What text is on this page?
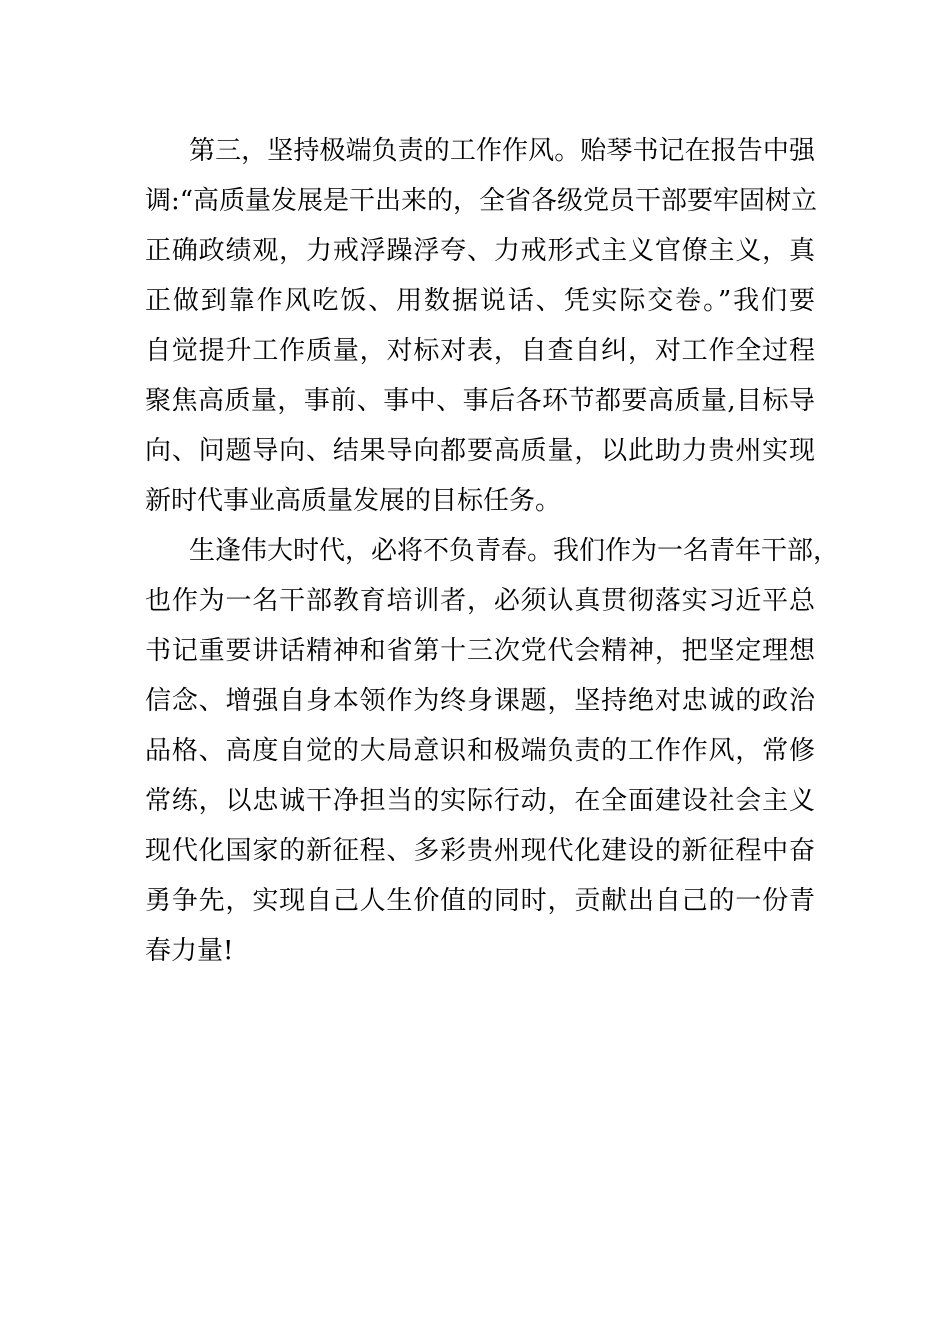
第三，坚持极端负责的工作作风。贻琴书记在报告中强
调:“高质量发展是干出来的，全省各级党员干部要牢固树立
正确政绩观，力戒浮躁浮夸、力戒形式主义官僚主义，真
正做到靠作风吃饭、用数据说话、凭实际交卷。”我们要
自觉提升工作质量，对标对表，自查自纠，对工作全过程
聚焦高质量，事前、事中、事后各环节都要高质量,目标导
向、问题导向、结果导向都要高质量，以此助力贵州实现
新时代事业高质量发展的目标任务。
生逢伟大时代，必将不负青春。我们作为一名青年干部，
也作为一名干部教育培训者，必须认真贯彻落实习近平总
书记重要讲话精神和省第十三次党代会精神，把坚定理想
信念、增强自身本领作为终身课题，坚持绝对忠诚的政治
品格、高度自觉的大局意识和极端负责的工作作风，常修
常练，以忠诚干净担当的实际行动，在全面建设社会主义
现代化国家的新征程、多彩贵州现代化建设的新征程中奋
勇争先，实现自己人生价值的同时，贡献出自己的一份青
春力量!
